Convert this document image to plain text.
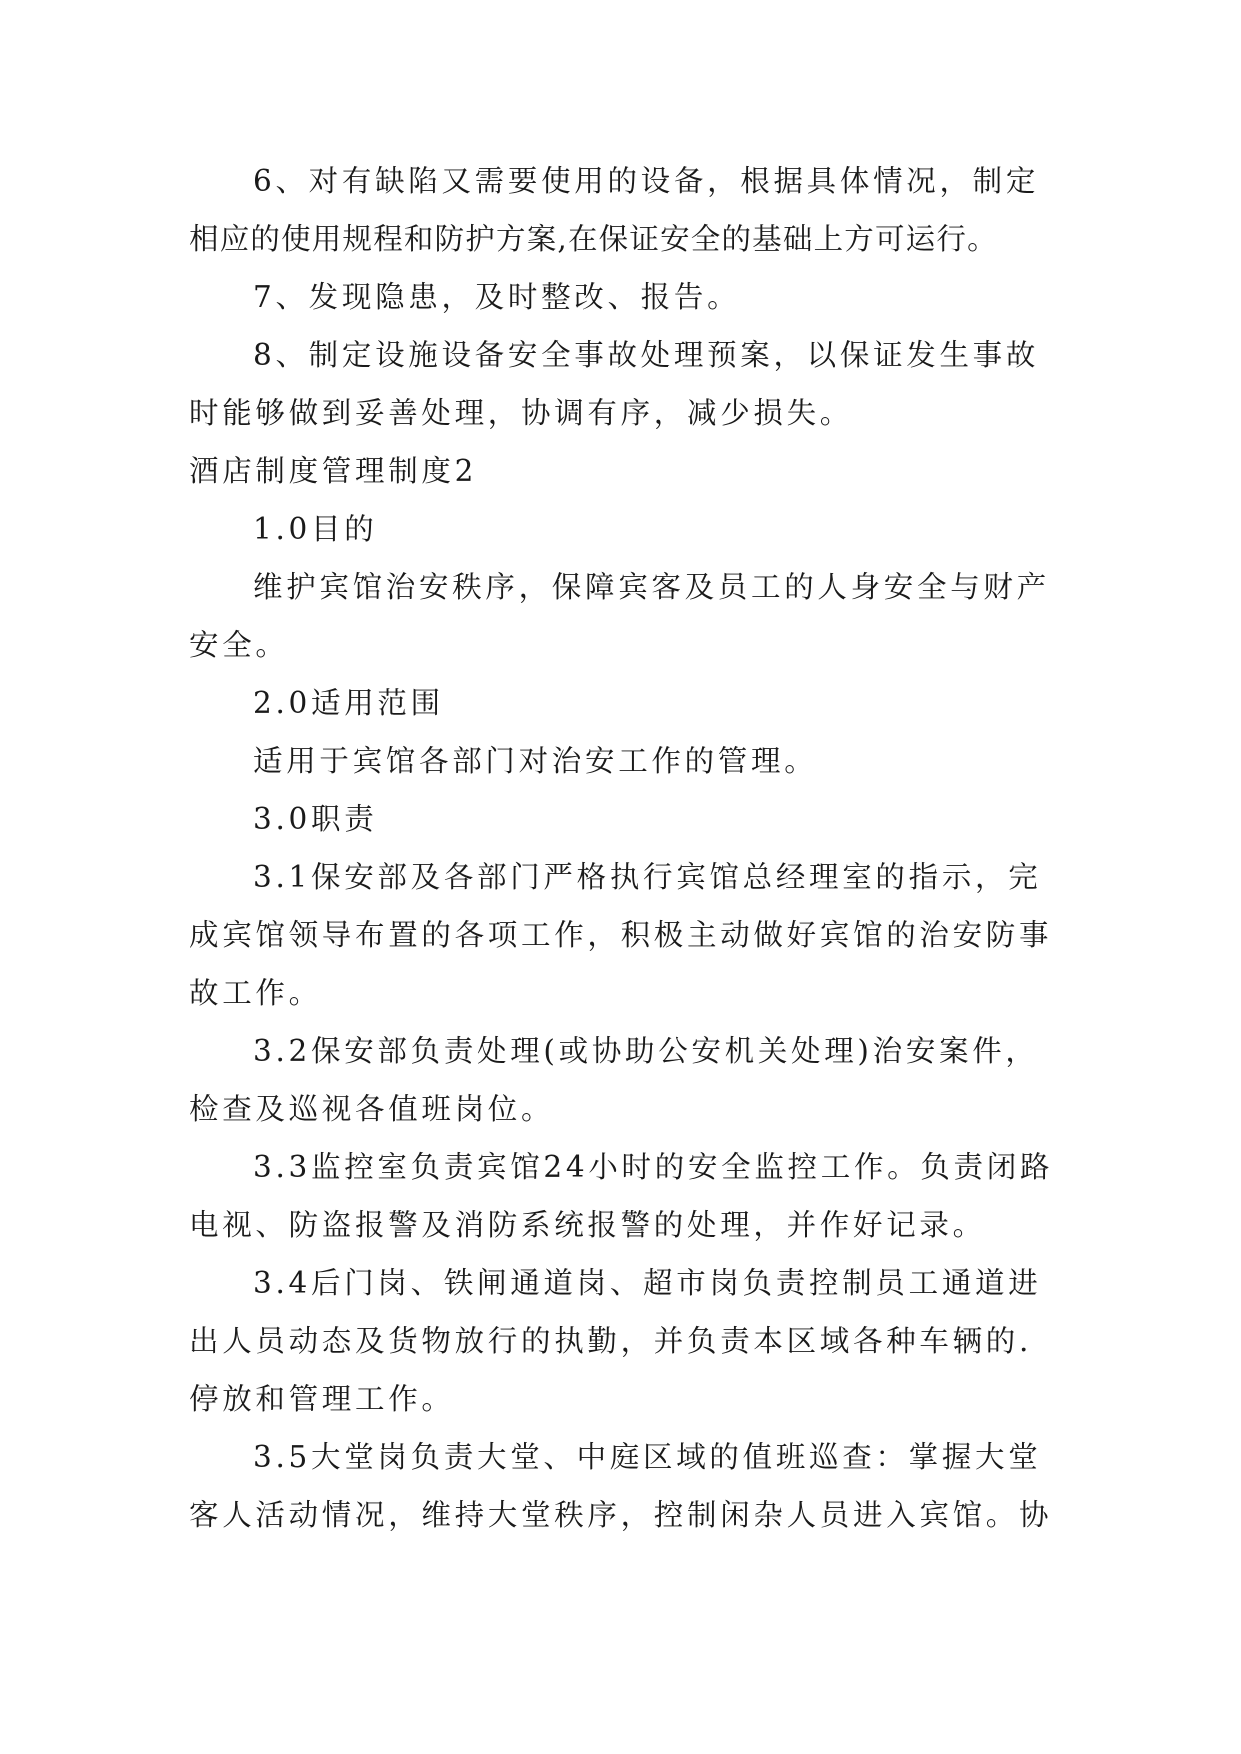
6、对有缺陷又需要使用的设备，根据具体情况，制定
相应的使用规程和防护方案,在保证安全的基础上方可运行。
7、发现隐患，及时整改、报告。
8、制定设施设备安全事故处理预案，以保证发生事故
时能够做到妥善处理，协调有序，减少损失。
酒店制度管理制度2
1.0目的
维护宾馆治安秩序，保障宾客及员工的人身安全与财产
安全。
2.0适用范围
适用于宾馆各部门对治安工作的管理。
3.0职责
3.1保安部及各部门严格执行宾馆总经理室的指示，完
成宾馆领导布置的各项工作，积极主动做好宾馆的治安防事
故工作。
3.2保安部负责处理(或协助公安机关处理)治安案件，
检查及巡视各值班岗位。
3.3监控室负责宾馆24小时的安全监控工作。负责闭路
电视、防盗报警及消防系统报警的处理，并作好记录。
3.4后门岗、铁闸通道岗、超市岗负责控制员工通道进
出人员动态及货物放行的执勤，并负责本区域各种车辆的.
停放和管理工作。
3.5大堂岗负责大堂、中庭区域的值班巡查：掌握大堂
客人活动情况，维持大堂秩序，控制闲杂人员进入宾馆。协
